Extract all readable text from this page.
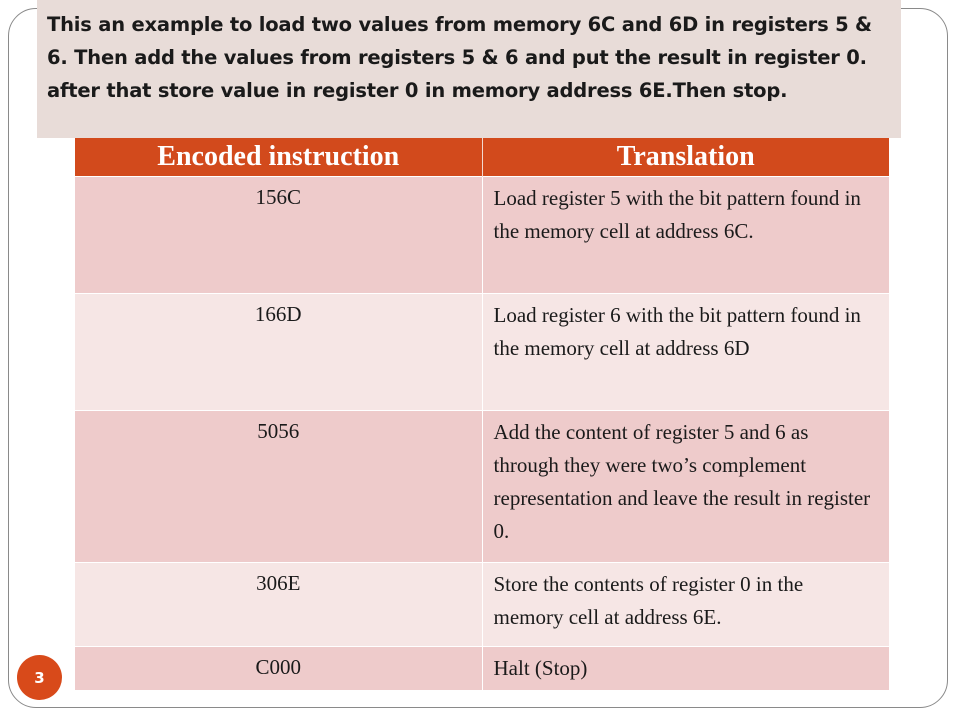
Encoded instruction	Translation
156C	Load register 5 with the bit pattern found in the memory cell at address 6C.
166D	Load register 6 with the bit pattern found in the memory cell at address 6D
5056	Add the content of register 5 and 6 as through they were two’s complement representation and leave the result in register 0.
306E	Store the contents of register 0 in the memory cell at address 6E.
C000	Halt (Stop)

This an example to load two values from memory 6C and 6D in registers 5 & 6. Then add the values from registers 5 & 6 and put the result in register 0. after that store value in register 0 in memory address 6E.Then stop.

3
